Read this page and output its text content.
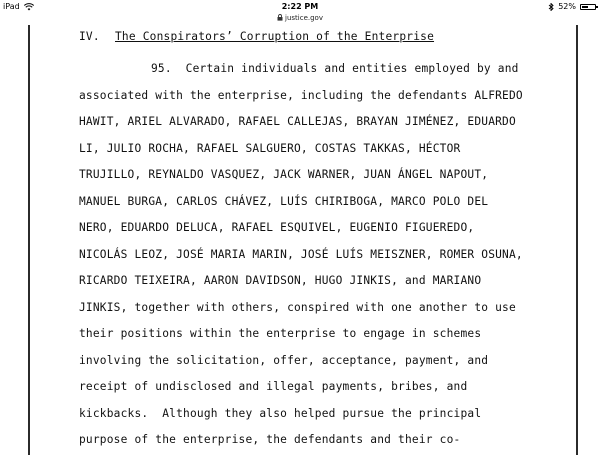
iPad	2:22 PM	52%
justice.gov
IV. The Conspirators’ Corruption of the Enterprise
95.  Certain individuals and entities employed by and
associated with the enterprise, including the defendants ALFREDO
HAWIT, ARIEL ALVARADO, RAFAEL CALLEJAS, BRAYAN JIMÉNEZ, EDUARDO
LI, JULIO ROCHA, RAFAEL SALGUERO, COSTAS TAKKAS, HÉCTOR
TRUJILLO, REYNALDO VASQUEZ, JACK WARNER, JUAN ÁNGEL NAPOUT,
MANUEL BURGA, CARLOS CHÁVEZ, LUÍS CHIRIBOGA, MARCO POLO DEL
NERO, EDUARDO DELUCA, RAFAEL ESQUIVEL, EUGENIO FIGUEREDO,
NICOLÁS LEOZ, JOSÉ MARIA MARIN, JOSÉ LUÍS MEISZNER, ROMER OSUNA,
RICARDO TEIXEIRA, AARON DAVIDSON, HUGO JINKIS, and MARIANO
JINKIS, together with others, conspired with one another to use
their positions within the enterprise to engage in schemes
involving the solicitation, offer, acceptance, payment, and
receipt of undisclosed and illegal payments, bribes, and
kickbacks.  Although they also helped pursue the principal
purpose of the enterprise, the defendants and their co-
